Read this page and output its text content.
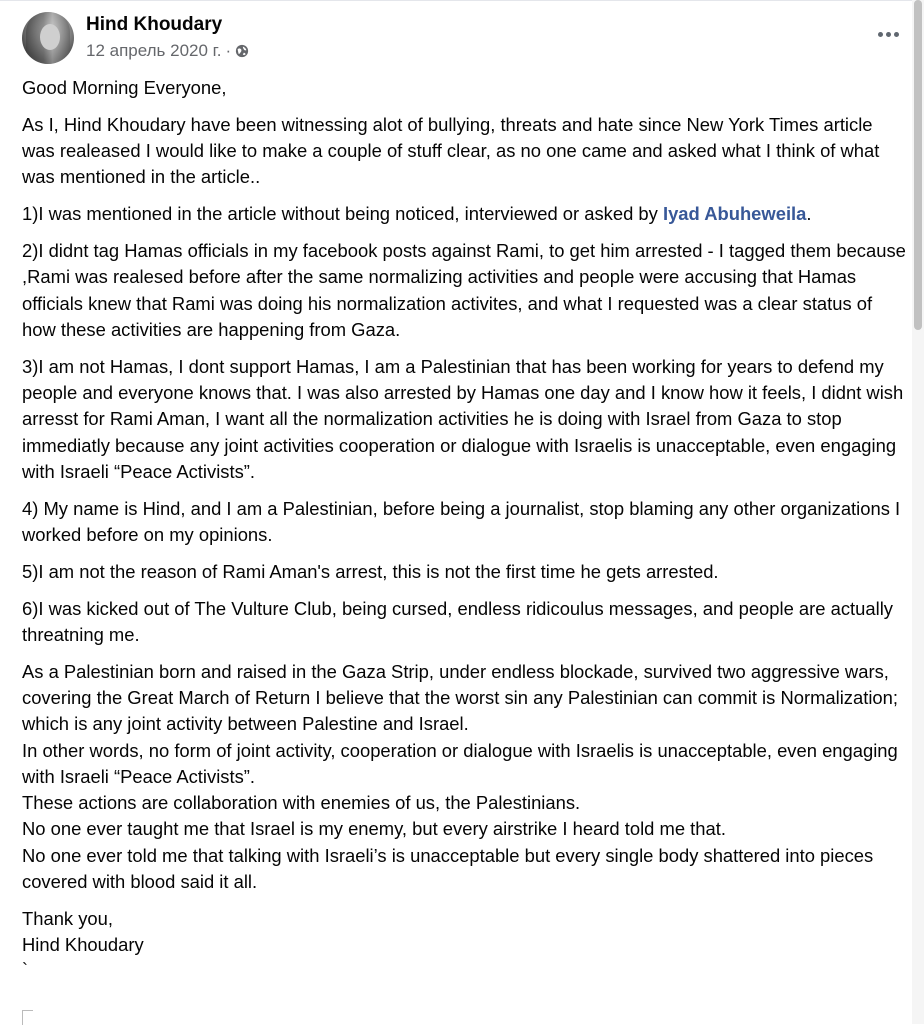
Hind Khoudary
12 апрель 2020 г. ·

Good Morning Everyone,

As I, Hind Khoudary have been witnessing alot of bullying, threats and hate since New York Times article was realeased I would like to make a couple of stuff clear, as no one came and asked what I think of what was mentioned in the article..

1)I was mentioned in the article without being noticed, interviewed or asked by Iyad Abuheweila.

2)I didnt tag Hamas officials in my facebook posts against Rami, to get him arrested - I tagged them because ,Rami was realesed before after the same normalizing activities and people were accusing that Hamas officials knew that Rami was doing his normalization activites, and what I requested was a clear status of how these activities are happening from Gaza.

3)I am not Hamas, I dont support Hamas, I am a Palestinian that has been working for years to defend my people and everyone knows that. I was also arrested by Hamas one day and I know how it feels, I didnt wish arresst for Rami Aman, I want all the normalization activities he is doing with Israel from Gaza to stop immediatly because any joint activities cooperation or dialogue with Israelis is unacceptable, even engaging with Israeli “Peace Activists”.

4) My name is Hind, and I am a Palestinian, before being a journalist, stop blaming any other organizations I worked before on my opinions.

5)I am not the reason of Rami Aman's arrest, this is not the first time he gets arrested.

6)I was kicked out of The Vulture Club, being cursed, endless ridicoulus messages, and people are actually threatning me.

As a Palestinian born and raised in the Gaza Strip, under endless blockade, survived two aggressive wars, covering the Great March of Return I believe that the worst sin any Palestinian can commit is Normalization; which is any joint activity between Palestine and Israel.
In other words, no form of joint activity, cooperation or dialogue with Israelis is unacceptable, even engaging with Israeli “Peace Activists”.
These actions are collaboration with enemies of us, the Palestinians.
No one ever taught me that Israel is my enemy, but every airstrike I heard told me that.
No one ever told me that talking with Israeli’s is unacceptable but every single body shattered into pieces covered with blood said it all.

Thank you,
Hind Khoudary

`
